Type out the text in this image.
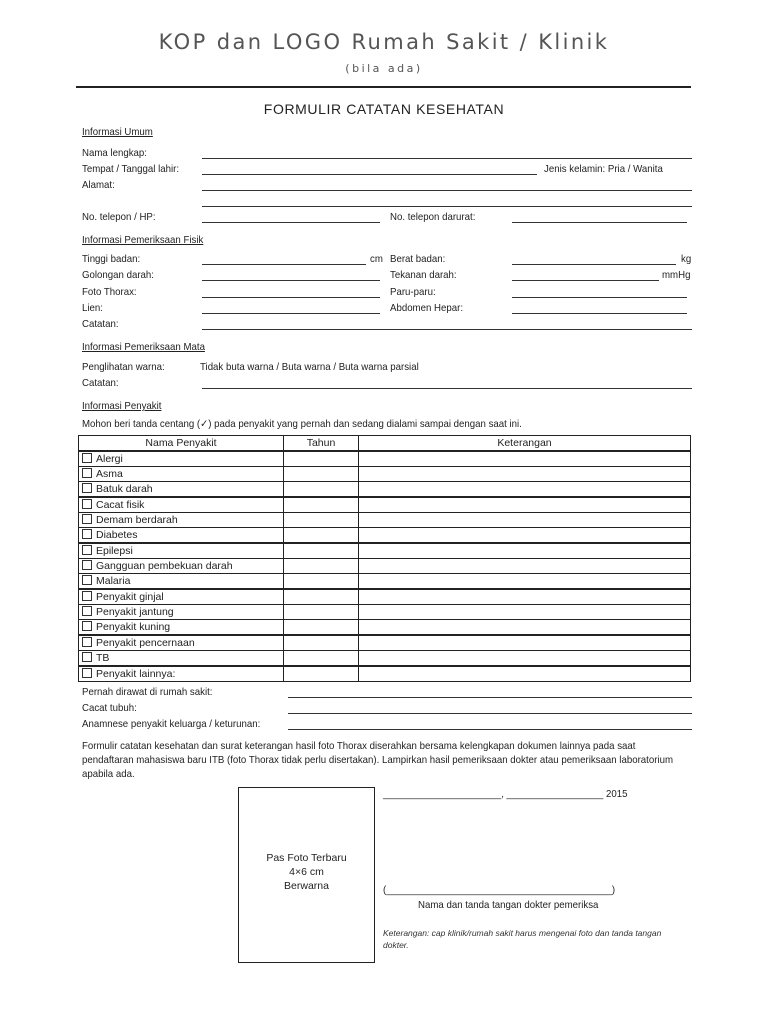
KOP dan LOGO Rumah Sakit / Klinik
(bila ada)
FORMULIR CATATAN KESEHATAN
Informasi Umum
Nama lengkap:
Tempat / Tanggal lahir:	Jenis kelamin: Pria / Wanita
Alamat:
No. telepon / HP:	No. telepon darurat:
Informasi Pemeriksaan Fisik
Tinggi badan:	cm Berat badan:	kg
Golongan darah:	Tekanan darah:	mmHg
Foto Thorax:	Paru-paru:
Lien:	Abdomen Hepar:
Catatan:
Informasi Pemeriksaan Mata
Penglihatan warna:	Tidak buta warna / Buta warna / Buta warna parsial
Catatan:
Informasi Penyakit
Mohon beri tanda centang (✓) pada penyakit yang pernah dan sedang dialami sampai dengan saat ini.
Nama Penyakit	Tahun	Keterangan
Alergi		
Asma		
Batuk darah		
Cacat fisik		
Demam berdarah		
Diabetes		
Epilepsi		
Gangguan pembekuan darah		
Malaria		
Penyakit ginjal		
Penyakit jantung		
Penyakit kuning		
Penyakit pencernaan		
TB		
Penyakit lainnya:		
Pernah dirawat di rumah sakit:
Cacat tubuh:
Anamnese penyakit keluarga / keturunan:
Formulir catatan kesehatan dan surat keterangan hasil foto Thorax diserahkan bersama kelengkapan dokumen lainnya pada saat
pendaftaran mahasiswa baru ITB (foto Thorax tidak perlu disertakan). Lampirkan hasil pemeriksaan dokter atau pemeriksaan laboratorium
apabila ada.
Pas Foto Terbaru
4×6 cm
Berwarna
______________________, __________________ 2015
(__________________________________________)
Nama dan tanda tangan dokter pemeriksa
Keterangan: cap klinik/rumah sakit harus mengenai foto dan tanda tangan
dokter.
